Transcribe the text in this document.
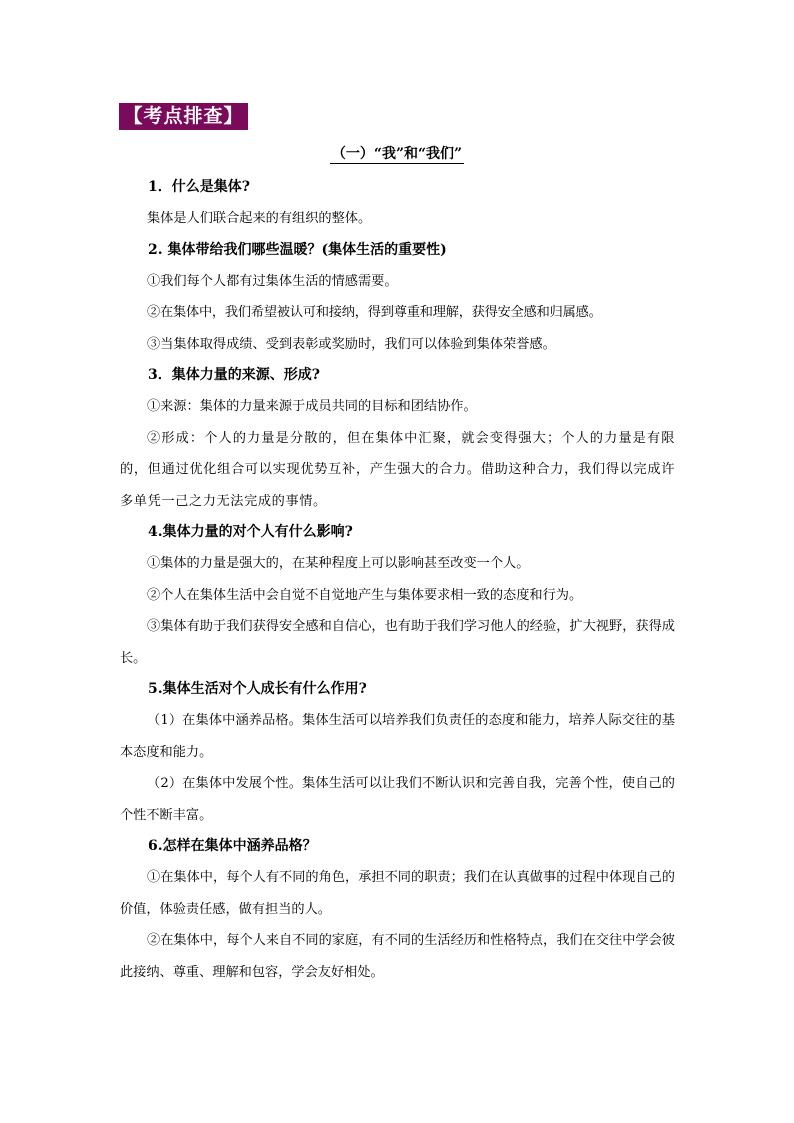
【考点排查】
（一）“我”和“我们”

1．什么是集体?

集体是人们联合起来的有组织的整体。

2. 集体带给我们哪些温暖？(集体生活的重要性)

①我们每个人都有过集体生活的情感需要。

②在集体中，我们希望被认可和接纳，得到尊重和理解，获得安全感和归属感。

③当集体取得成绩、受到表彰或奖励时，我们可以体验到集体荣誉感。

3．集体力量的来源、形成?

①来源：集体的力量来源于成员共同的目标和团结协作。

②形成：个人的力量是分散的，但在集体中汇聚，就会变得强大；个人的力量是有限的，但通过优化组合可以实现优势互补，产生强大的合力。借助这种合力，我们得以完成许多单凭一己之力无法完成的事情。

4.集体力量的对个人有什么影响?

①集体的力量是强大的，在某种程度上可以影响甚至改变一个人。

②个人在集体生活中会自觉不自觉地产生与集体要求相一致的态度和行为。

③集体有助于我们获得安全感和自信心，也有助于我们学习他人的经验，扩大视野，获得成长。

5.集体生活对个人成长有什么作用?

（1）在集体中涵养品格。集体生活可以培养我们负责任的态度和能力，培养人际交往的基本态度和能力。

（2）在集体中发展个性。集体生活可以让我们不断认识和完善自我，完善个性，使自己的个性不断丰富。

6.怎样在集体中涵养品格？

①在集体中，每个人有不同的角色，承担不同的职责；我们在认真做事的过程中体现自己的价值，体验责任感，做有担当的人。

②在集体中，每个人来自不同的家庭，有不同的生活经历和性格特点，我们在交往中学会彼此接纳、尊重、理解和包容，学会友好相处。
